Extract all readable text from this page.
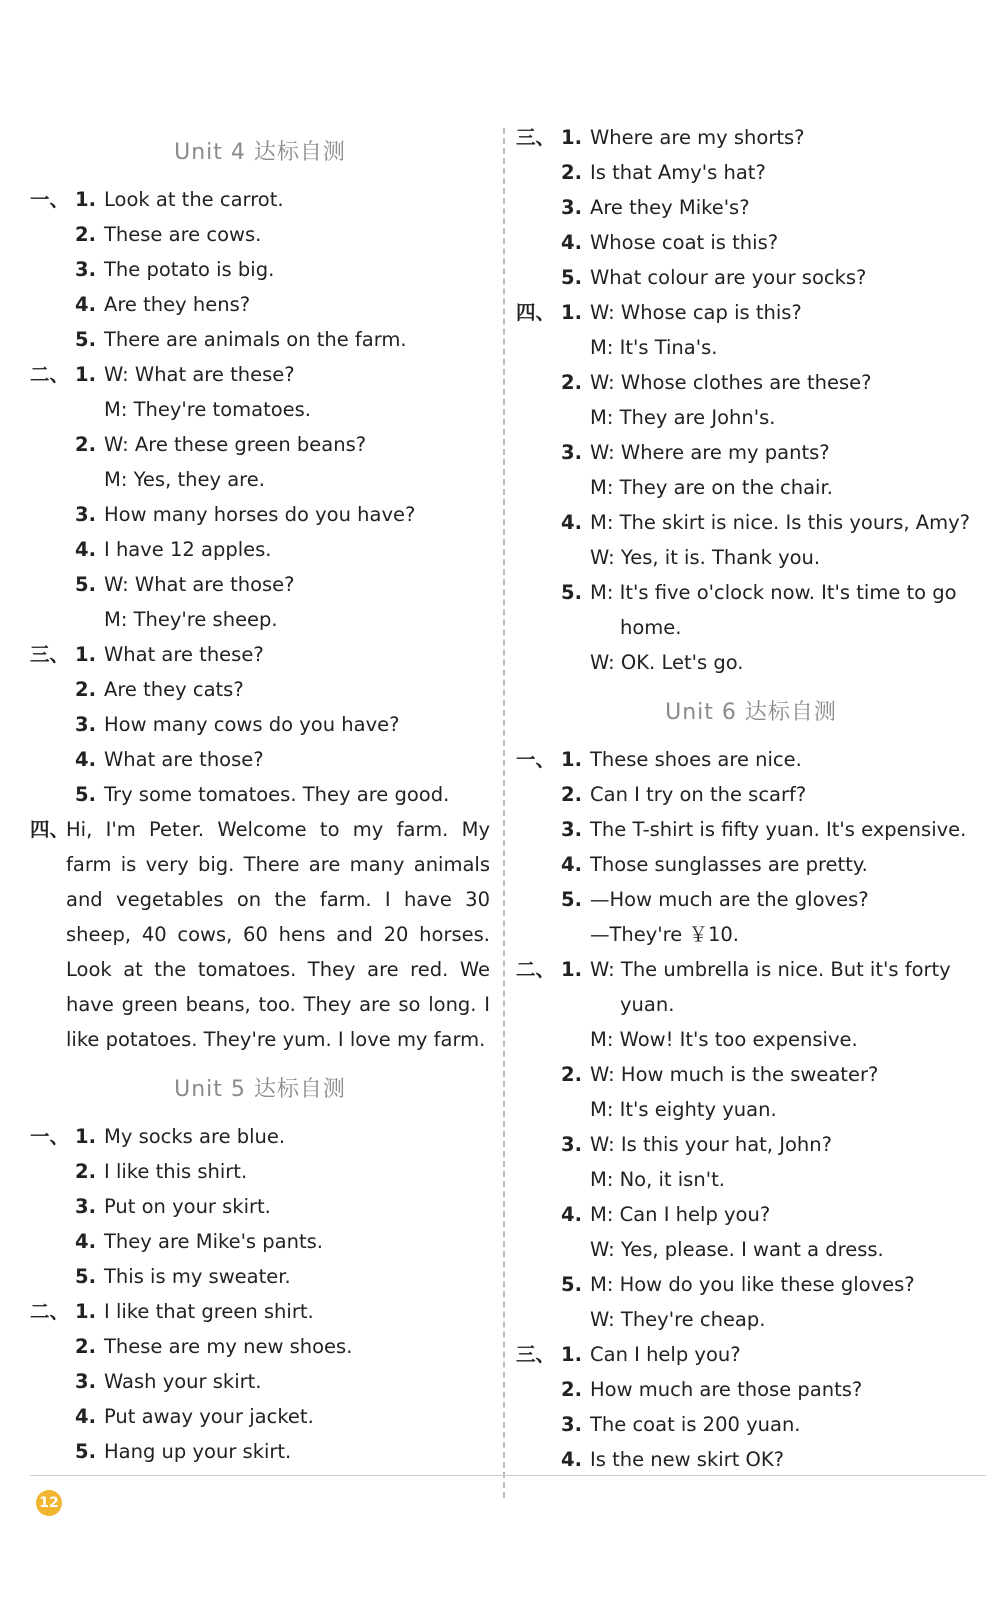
Unit 4 达标自测
一、 1. Look at the carrot.
2. These are cows.
3. The potato is big.
4. Are they hens?
5. There are animals on the farm.
二、 1. W: What are these?
M: They're tomatoes.
2. W: Are these green beans?
M: Yes, they are.
3. How many horses do you have?
4. I have 12 apples.
5. W: What are those?
M: They're sheep.
三、 1. What are these?
2. Are they cats?
3. How many cows do you have?
4. What are those?
5. Try some tomatoes. They are good.
四、Hi, I'm Peter. Welcome to my farm. My farm is very big. There are many animals and vegetables on the farm. I have 30 sheep, 40 cows, 60 hens and 20 horses. Look at the tomatoes. They are red. We have green beans, too. They are so long. I like potatoes. They're yum. I love my farm.
Unit 5 达标自测
一、 1. My socks are blue.
2. I like this shirt.
3. Put on your skirt.
4. They are Mike's pants.
5. This is my sweater.
二、 1. I like that green shirt.
2. These are my new shoes.
3. Wash your skirt.
4. Put away your jacket.
5. Hang up your skirt.
三、 1. Where are my shorts?
2. Is that Amy's hat?
3. Are they Mike's?
4. Whose coat is this?
5. What colour are your socks?
四、 1. W: Whose cap is this?
M: It's Tina's.
2. W: Whose clothes are these?
M: They are John's.
3. W: Where are my pants?
M: They are on the chair.
4. M: The skirt is nice. Is this yours, Amy?
W: Yes, it is. Thank you.
5. M: It's five o'clock now. It's time to go
home.
W: OK. Let's go.
Unit 6 达标自测
一、 1. These shoes are nice.
2. Can I try on the scarf?
3. The T-shirt is fifty yuan. It's expensive.
4. Those sunglasses are pretty.
5. —How much are the gloves?
—They're ￥10.
二、 1. W: The umbrella is nice. But it's forty
yuan.
M: Wow! It's too expensive.
2. W: How much is the sweater?
M: It's eighty yuan.
3. W: Is this your hat, John?
M: No, it isn't.
4. M: Can I help you?
W: Yes, please. I want a dress.
5. M: How do you like these gloves?
W: They're cheap.
三、 1. Can I help you?
2. How much are those pants?
3. The coat is 200 yuan.
4. Is the new skirt OK?
12
